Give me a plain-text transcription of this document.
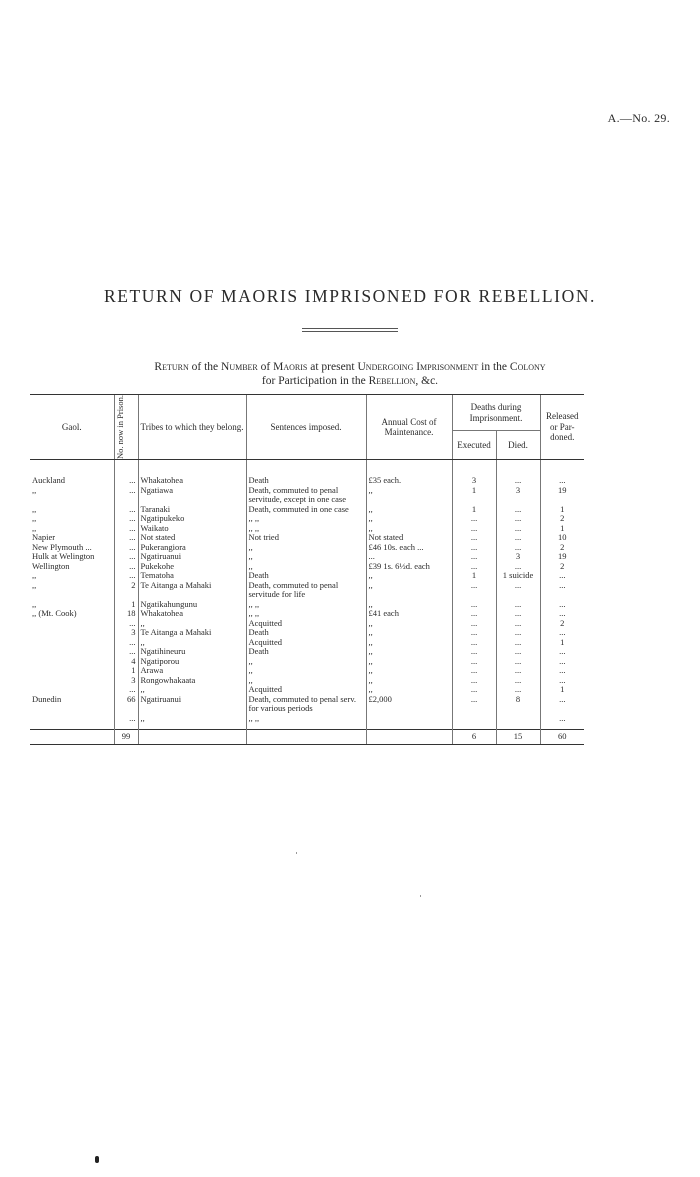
A.—No. 29.
RETURN OF MAORIS IMPRISONED FOR REBELLION.
Return of the Number of Maoris at present Undergoing Imprisonment in the Colony
for Participation in the Rebellion, &c.
Gaol.	No. now in Prison.	Tribes to which they belong.	Sentences imposed.	Annual Cost of Maintenance.	Deaths during Imprisonment.		Released or Par- doned.
					Executed	Died.	
Auckland	...	Whakatohea	Death	£35 each.	3	...	...
,,	...	Ngatiawa	Death, commuted to penal servitude, except in one case	,,	1	3	19
,,	...	Taranaki	Death, commuted in one case	,,	1	...	1
,,	...	Ngatipukeko	,, ,,	,,	...	...	2
,,	...	Waikato	,, ,,	,,	...	...	1
Napier	...	Not stated	Not tried	Not stated	...	...	10
New Plymouth ...	...	Pukerangiora	,,	£46 10s. each ...	...	...	2
Hulk at Welington	...	Ngatiruanui	,,	...	...	3	19
Wellington	...	Pukekohe	,,	£39 1s. 6½d. each	...	...	2
,,	...	Tematoha	Death	,,	1	1 suicide	...
,,	2	Te Aitanga a Mahaki	Death, commuted to penal servitude for life	,,	...	...	...
,,	1	Ngatikahungunu	,, ,,	,,	...	...	...
,, (Mt. Cook)	18	Whakatohea	,, ,,	£41 each	...	...	...
	...	,,	Acquitted	,,	...	...	2
	3	Te Aitanga a Mahaki	Death	,,	...	...	...
	...	,,	Acquitted	,,	...	...	1
	...	Ngatihineuru	Death	,,	...	...	...
	4	Ngatiporou	,,	,,	...	...	...
	1	Arawa	,,	,,	...	...	...
	3	Rongowhakaata	,,	,,	...	...	...
	...	,,	Acquitted	,,	...	...	1
Dunedin	66	Ngatiruanui	Death, commuted to penal serv. for various periods	£2,000	...	8	...
	...	,,	,, ,,				...
	99				6	15	60
